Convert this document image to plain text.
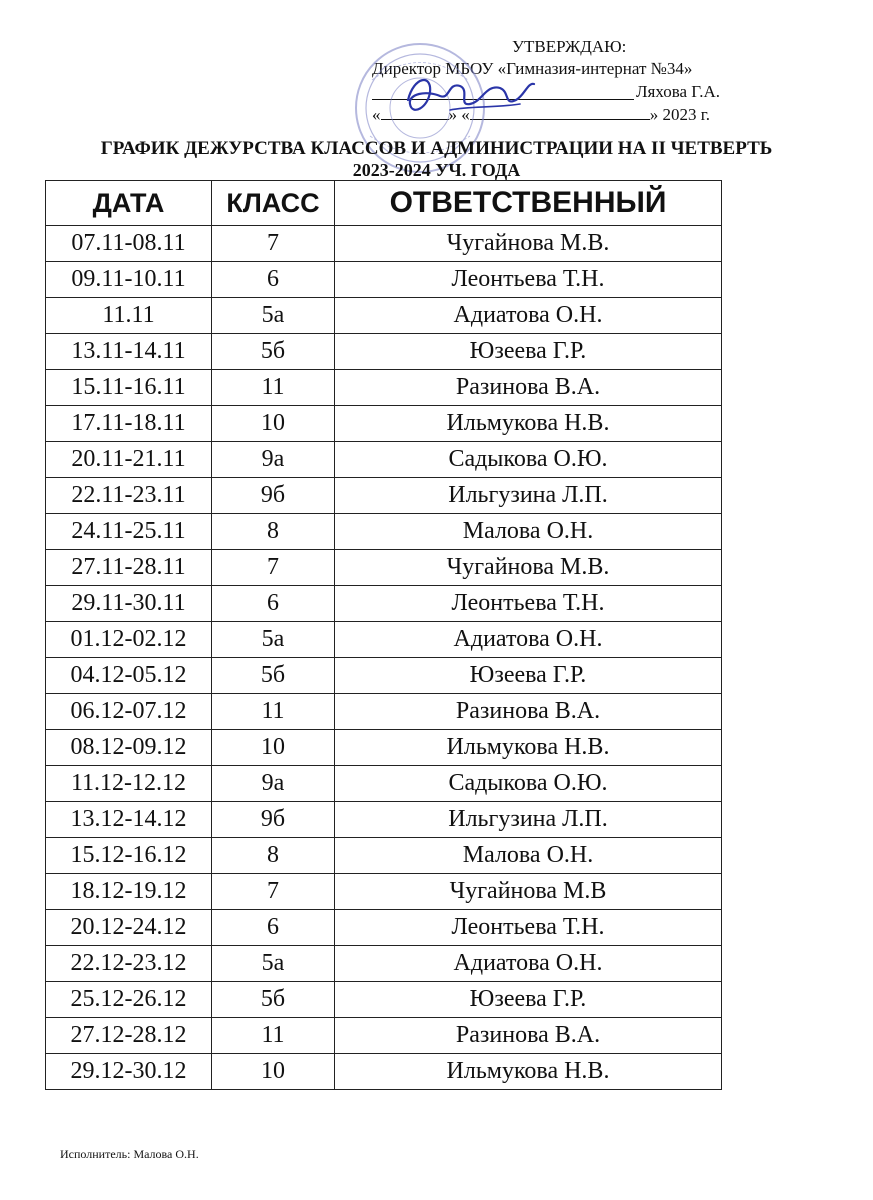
УТВЕРЖДАЮ:
Директор МБОУ «Гимназия-интернат №34»
Ляхова Г.А.
«	» «	» 2023 г.
ГРАФИК ДЕЖУРСТВА КЛАССОВ И АДМИНИСТРАЦИИ НА II ЧЕТВЕРТЬ
2023-2024 УЧ. ГОДА
ДАТА	КЛАСС	ОТВЕТСТВЕННЫЙ
07.11-08.11	7	Чугайнова М.В.
09.11-10.11	6	Леонтьева Т.Н.
11.11	5а	Адиатова О.Н.
13.11-14.11	5б	Юзеева Г.Р.
15.11-16.11	11	Разинова В.А.
17.11-18.11	10	Ильмукова Н.В.
20.11-21.11	9а	Садыкова О.Ю.
22.11-23.11	9б	Ильгузина Л.П.
24.11-25.11	8	Малова О.Н.
27.11-28.11	7	Чугайнова М.В.
29.11-30.11	6	Леонтьева Т.Н.
01.12-02.12	5а	Адиатова О.Н.
04.12-05.12	5б	Юзеева Г.Р.
06.12-07.12	11	Разинова В.А.
08.12-09.12	10	Ильмукова Н.В.
11.12-12.12	9а	Садыкова О.Ю.
13.12-14.12	9б	Ильгузина Л.П.
15.12-16.12	8	Малова О.Н.
18.12-19.12	7	Чугайнова М.В
20.12-24.12	6	Леонтьева Т.Н.
22.12-23.12	5а	Адиатова О.Н.
25.12-26.12	5б	Юзеева Г.Р.
27.12-28.12	11	Разинова В.А.
29.12-30.12	10	Ильмукова Н.В.
Исполнитель: Малова О.Н.
